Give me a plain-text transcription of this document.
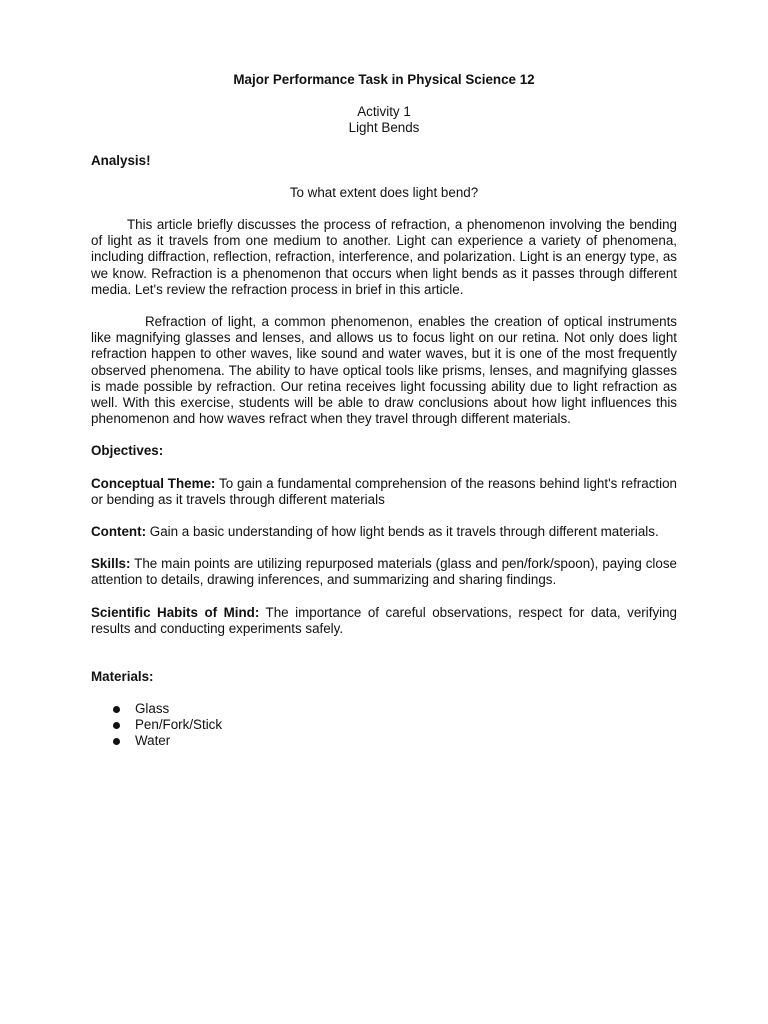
Major Performance Task in Physical Science 12

Activity 1

Light Bends

Analysis!

To what extent does light bend?

This article briefly discusses the process of refraction, a phenomenon involving the bending of light as it travels from one medium to another. Light can experience a variety of phenomena, including diffraction, reflection, refraction, interference, and polarization. Light is an energy type, as we know. Refraction is a phenomenon that occurs when light bends as it passes through different media. Let's review the refraction process in brief in this article.

Refraction of light, a common phenomenon, enables the creation of optical instruments like magnifying glasses and lenses, and allows us to focus light on our retina. Not only does light refraction happen to other waves, like sound and water waves, but it is one of the most frequently observed phenomena. The ability to have optical tools like prisms, lenses, and magnifying glasses is made possible by refraction. Our retina receives light focussing ability due to light refraction as well. With this exercise, students will be able to draw conclusions about how light influences this phenomenon and how waves refract when they travel through different materials.

Objectives:

Conceptual Theme: To gain a fundamental comprehension of the reasons behind light's refraction or bending as it travels through different materials

Content: Gain a basic understanding of how light bends as it travels through different materials.

Skills: The main points are utilizing repurposed materials (glass and pen/fork/spoon), paying close attention to details, drawing inferences, and summarizing and sharing findings.

Scientific Habits of Mind: The importance of careful observations, respect for data, verifying results and conducting experiments safely.

Materials:

Glass
Pen/Fork/Stick
Water
